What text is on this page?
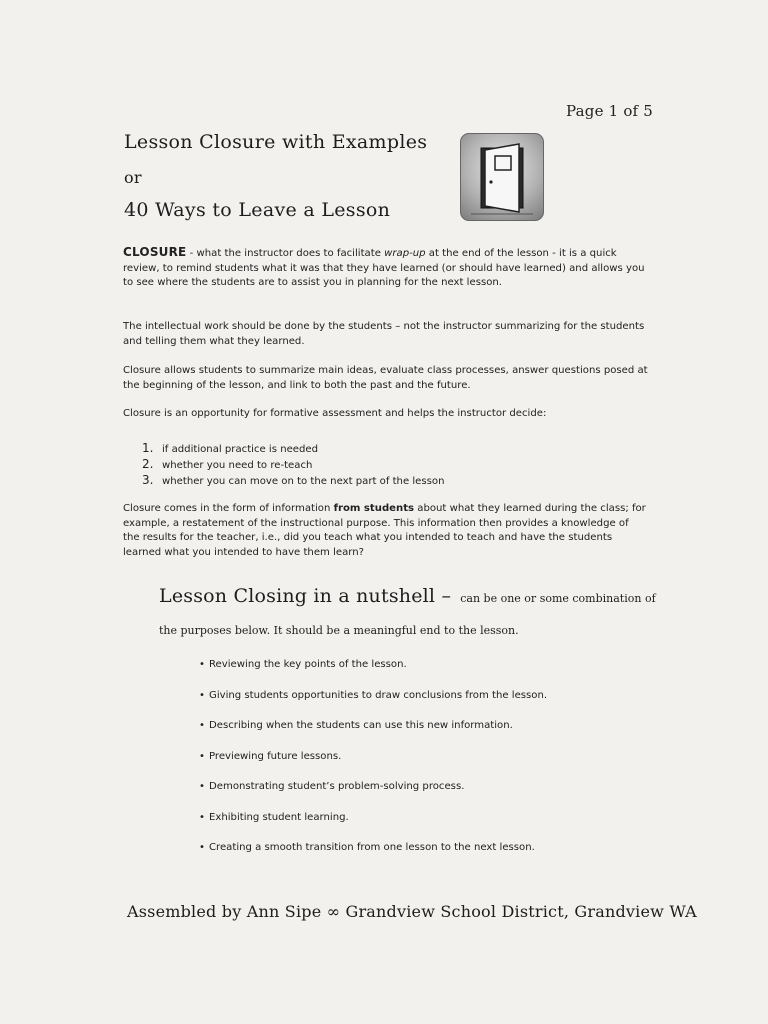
Page 1 of 5
Lesson Closure with Examples
or
40 Ways to Leave a Lesson

CLOSURE - what the instructor does to facilitate wrap-up at the end of the lesson - it is a quick review, to remind students what it was that they have learned (or should have learned) and allows you to see where the students are to assist you in planning for the next lesson.

The intellectual work should be done by the students – not the instructor summarizing for the students and telling them what they learned.

Closure allows students to summarize main ideas, evaluate class processes, answer questions posed at the beginning of the lesson, and link to both the past and the future.

Closure is an opportunity for formative assessment and helps the instructor decide:

1. if additional practice is needed
2. whether you need to re-teach
3. whether you can move on to the next part of the lesson

Closure comes in the form of information from students about what they learned during the class; for example, a restatement of the instructional purpose. This information then provides a knowledge of the results for the teacher, i.e., did you teach what you intended to teach and have the students learned what you intended to have them learn?

Lesson Closing in a nutshell – can be one or some combination of
the purposes below. It should be a meaningful end to the lesson.
• Reviewing the key points of the lesson.
• Giving students opportunities to draw conclusions from the lesson.
• Describing when the students can use this new information.
• Previewing future lessons.
• Demonstrating student’s problem-solving process.
• Exhibiting student learning.
• Creating a smooth transition from one lesson to the next lesson.
Assembled by Ann Sipe ∞ Grandview School District, Grandview WA
